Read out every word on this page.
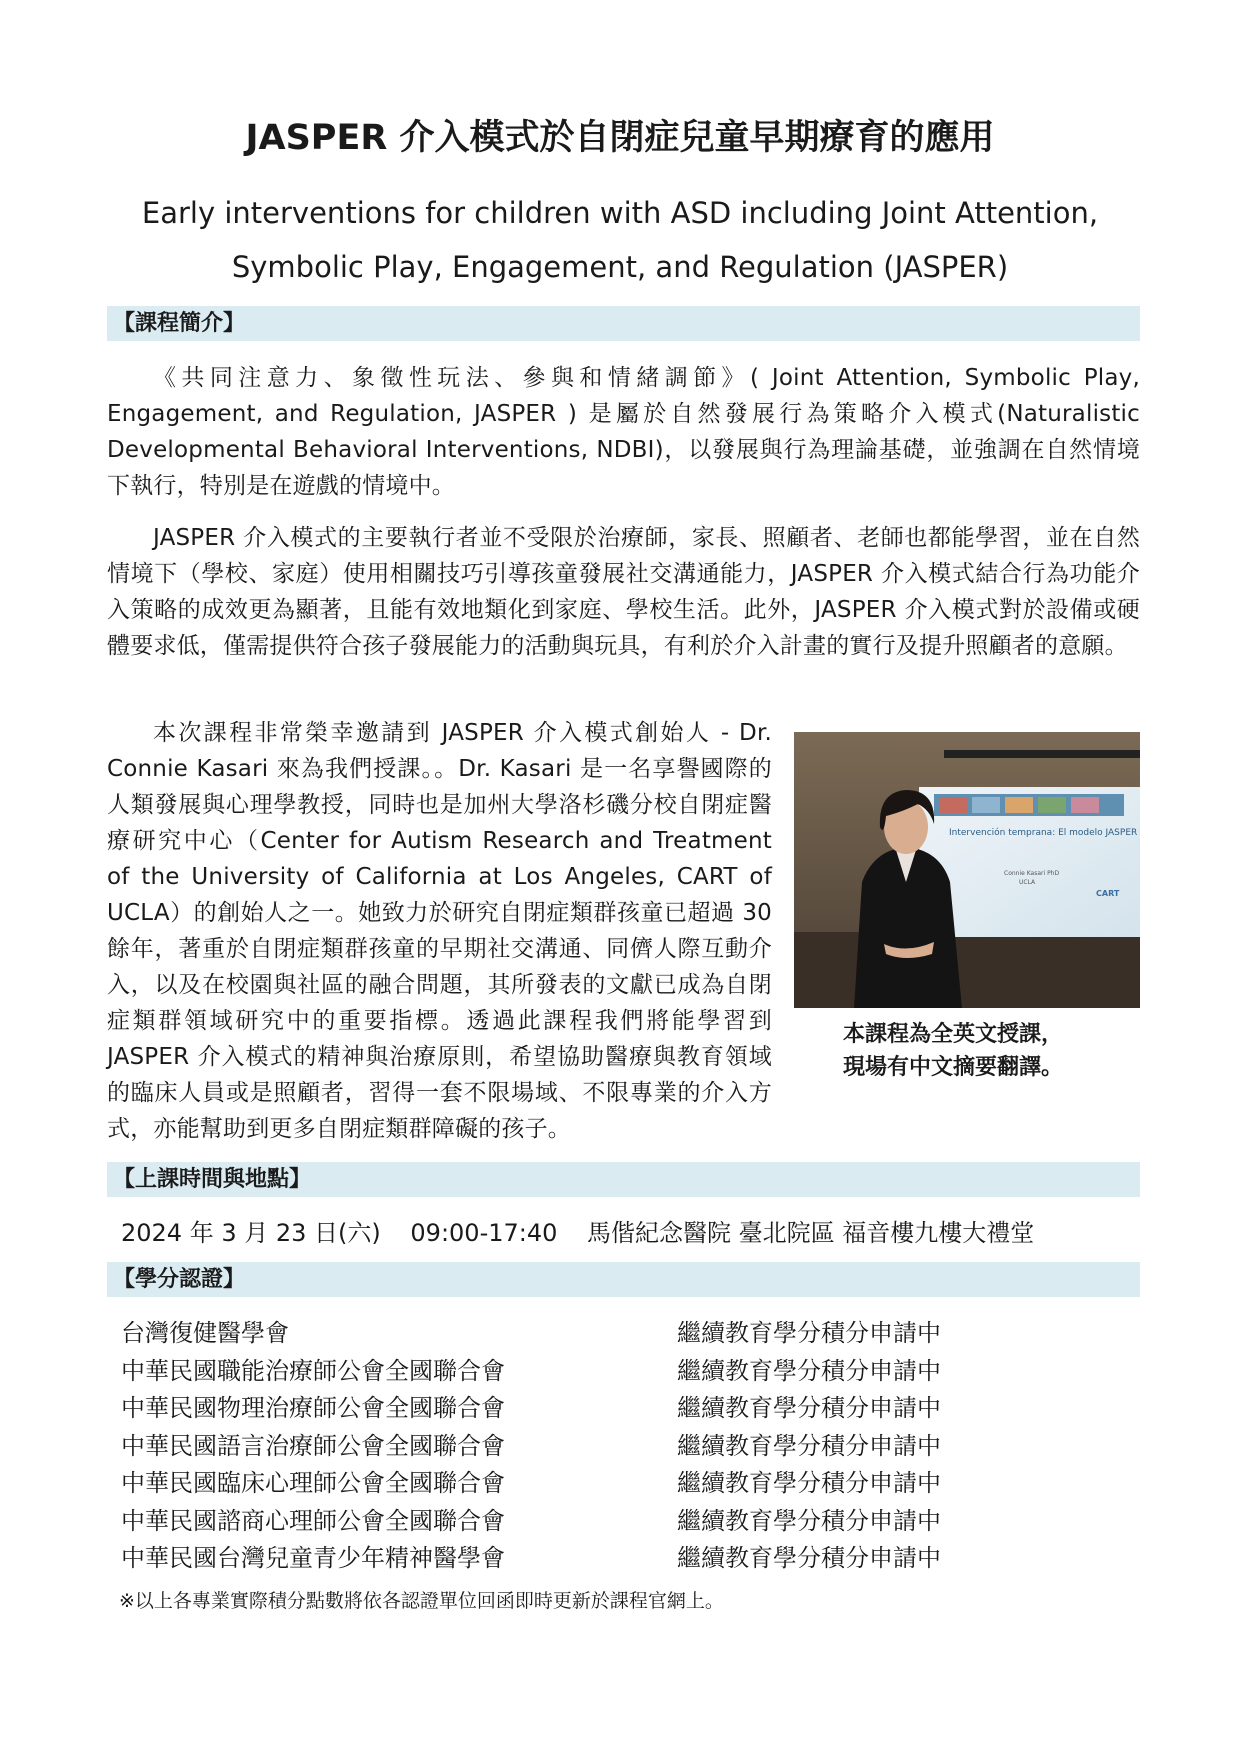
JASPER 介入模式於自閉症兒童早期療育的應用
Early interventions for children with ASD including Joint Attention,
Symbolic Play, Engagement, and Regulation (JASPER)
【課程簡介】

《共同注意力、象徵性玩法、參與和情緒調節》( Joint Attention, Symbolic Play, Engagement, and Regulation, JASPER ) 是屬於自然發展行為策略介入模式(Naturalistic Developmental Behavioral Interventions, NDBI)，以發展與行為理論基礎，並強調在自然情境下執行，特別是在遊戲的情境中。

JASPER 介入模式的主要執行者並不受限於治療師，家長、照顧者、老師也都能學習，並在自然情境下（學校、家庭）使用相關技巧引導孩童發展社交溝通能力，JASPER 介入模式結合行為功能介入策略的成效更為顯著，且能有效地類化到家庭、學校生活。此外，JASPER 介入模式對於設備或硬體要求低，僅需提供符合孩子發展能力的活動與玩具，有利於介入計畫的實行及提升照顧者的意願。

本次課程非常榮幸邀請到 JASPER 介入模式創始人 - Dr. Connie Kasari 來為我們授課。。Dr. Kasari 是一名享譽國際的人類發展與心理學教授，同時也是加州大學洛杉磯分校自閉症醫療研究中心（Center for Autism Research and Treatment of the University of California at Los Angeles, CART of UCLA）的創始人之一。她致力於研究自閉症類群孩童已超過 30 餘年，著重於自閉症類群孩童的早期社交溝通、同儕人際互動介入，以及在校園與社區的融合問題，其所發表的文獻已成為自閉症類群領域研究中的重要指標。透過此課程我們將能學習到 JASPER 介入模式的精神與治療原則，希望協助醫療與教育領域的臨床人員或是照顧者，習得一套不限場域、不限專業的介入方式，亦能幫助到更多自閉症類群障礙的孩子。

Intervención temprana: El modelo JASPER
Connie Kasari PhD
UCLA
CART
本課程為全英文授課，
現場有中文摘要翻譯。
【上課時間與地點】
2024 年 3 月 23 日(六) 09:00-17:40 馬偕紀念醫院 臺北院區 福音樓九樓大禮堂
【學分認證】
台灣復健醫學會	繼續教育學分積分申請中
中華民國職能治療師公會全國聯合會	繼續教育學分積分申請中
中華民國物理治療師公會全國聯合會	繼續教育學分積分申請中
中華民國語言治療師公會全國聯合會	繼續教育學分積分申請中
中華民國臨床心理師公會全國聯合會	繼續教育學分積分申請中
中華民國諮商心理師公會全國聯合會	繼續教育學分積分申請中
中華民國台灣兒童青少年精神醫學會	繼續教育學分積分申請中
※以上各專業實際積分點數將依各認證單位回函即時更新於課程官網上。
